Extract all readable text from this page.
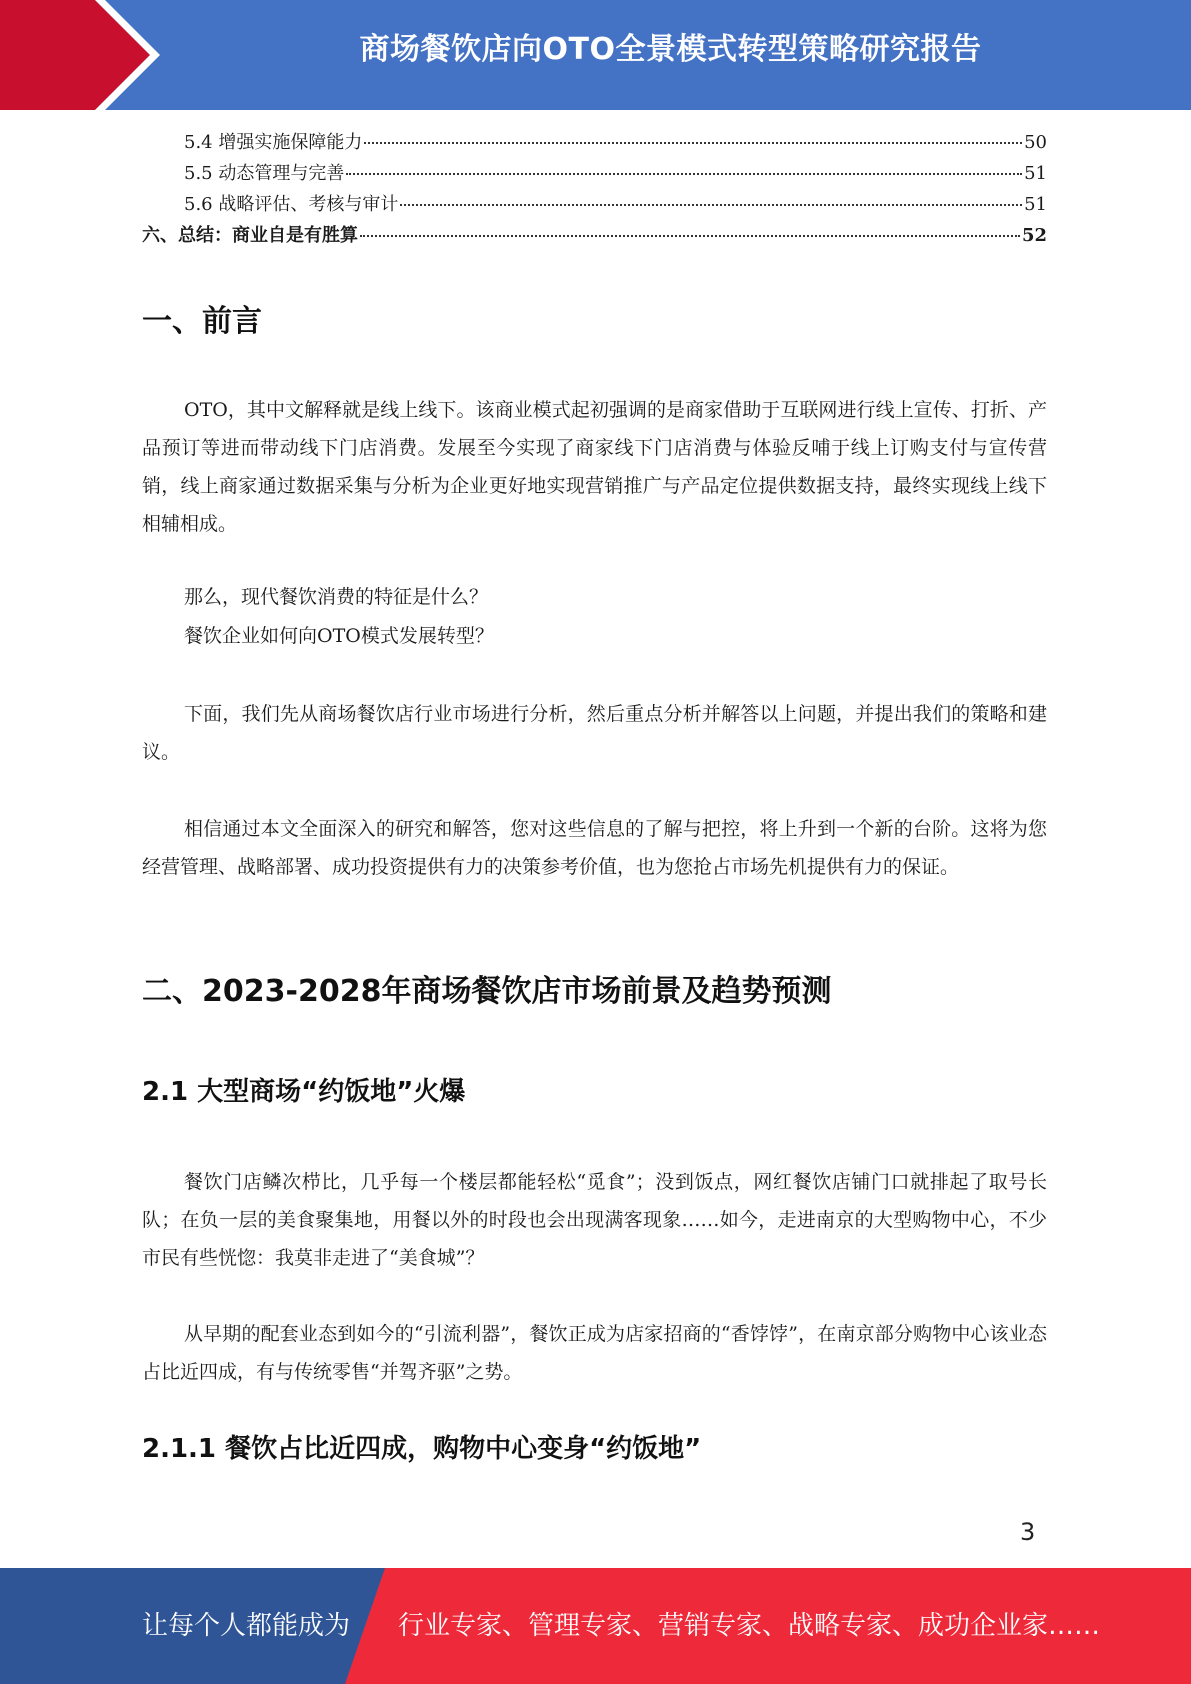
商场餐饮店向OTO全景模式转型策略研究报告
5.4 增强实施保障能力	50
5.5 动态管理与完善	51
5.6 战略评估、考核与审计	51
六、总结：商业自是有胜算	52
一、前言
OTO，其中文解释就是线上线下。该商业模式起初强调的是商家借助于互联网进行线上宣传、打折、产品预订等进而带动线下门店消费。发展至今实现了商家线下门店消费与体验反哺于线上订购支付与宣传营销，线上商家通过数据采集与分析为企业更好地实现营销推广与产品定位提供数据支持，最终实现线上线下相辅相成。
那么，现代餐饮消费的特征是什么？
餐饮企业如何向OTO模式发展转型？
下面，我们先从商场餐饮店行业市场进行分析，然后重点分析并解答以上问题，并提出我们的策略和建议。
相信通过本文全面深入的研究和解答，您对这些信息的了解与把控，将上升到一个新的台阶。这将为您经营管理、战略部署、成功投资提供有力的决策参考价值，也为您抢占市场先机提供有力的保证。
二、2023-2028年商场餐饮店市场前景及趋势预测
2.1 大型商场“约饭地”火爆
餐饮门店鳞次栉比，几乎每一个楼层都能轻松“觅食”；没到饭点，网红餐饮店铺门口就排起了取号长队；在负一层的美食聚集地，用餐以外的时段也会出现满客现象……如今，走进南京的大型购物中心，不少市民有些恍惚：我莫非走进了“美食城”？
从早期的配套业态到如今的“引流利器”，餐饮正成为店家招商的“香饽饽”，在南京部分购物中心该业态占比近四成，有与传统零售“并驾齐驱”之势。
2.1.1 餐饮占比近四成，购物中心变身“约饭地”
3
让每个人都能成为 行业专家、管理专家、营销专家、战略专家、成功企业家……
